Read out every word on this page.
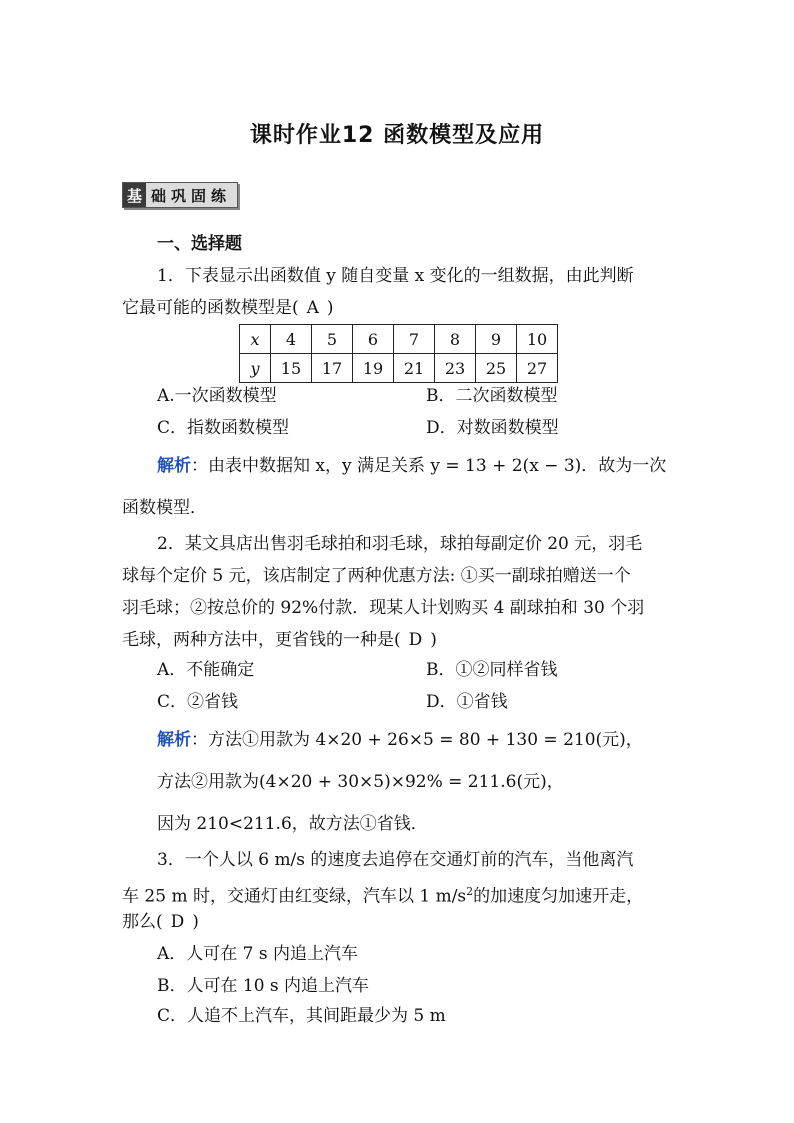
课时作业12 函数模型及应用
基 础巩固练
一、选择题
1．下表显示出函数值 y 随自变量 x 变化的一组数据，由此判断
它最可能的函数模型是( A )
x	4	5	6	7	8	9	10
y	15	17	19	21	23	25	27
A.一次函数模型	B．二次函数模型
C．指数函数模型	D．对数函数模型
解析：由表中数据知 x，y 满足关系 y = 13 + 2(x − 3)．故为一次
函数模型．
2．某文具店出售羽毛球拍和羽毛球，球拍每副定价 20 元，羽毛
球每个定价 5 元，该店制定了两种优惠方法: ①买一副球拍赠送一个
羽毛球；②按总价的 92%付款．现某人计划购买 4 副球拍和 30 个羽
毛球，两种方法中，更省钱的一种是( D )
A．不能确定	B．①②同样省钱
C．②省钱	D．①省钱
解析：方法①用款为 4×20 + 26×5 = 80 + 130 = 210(元)，
方法②用款为(4×20 + 30×5)×92% = 211.6(元)，
因为 210<211.6，故方法①省钱．
3．一个人以 6 m/s 的速度去追停在交通灯前的汽车，当他离汽
车 25 m 时，交通灯由红变绿，汽车以 1 $m/s^2$的加速度匀加速开走，
那么( D )
A．人可在 7 s 内追上汽车
B．人可在 10 s 内追上汽车
C．人追不上汽车，其间距最少为 5 m
